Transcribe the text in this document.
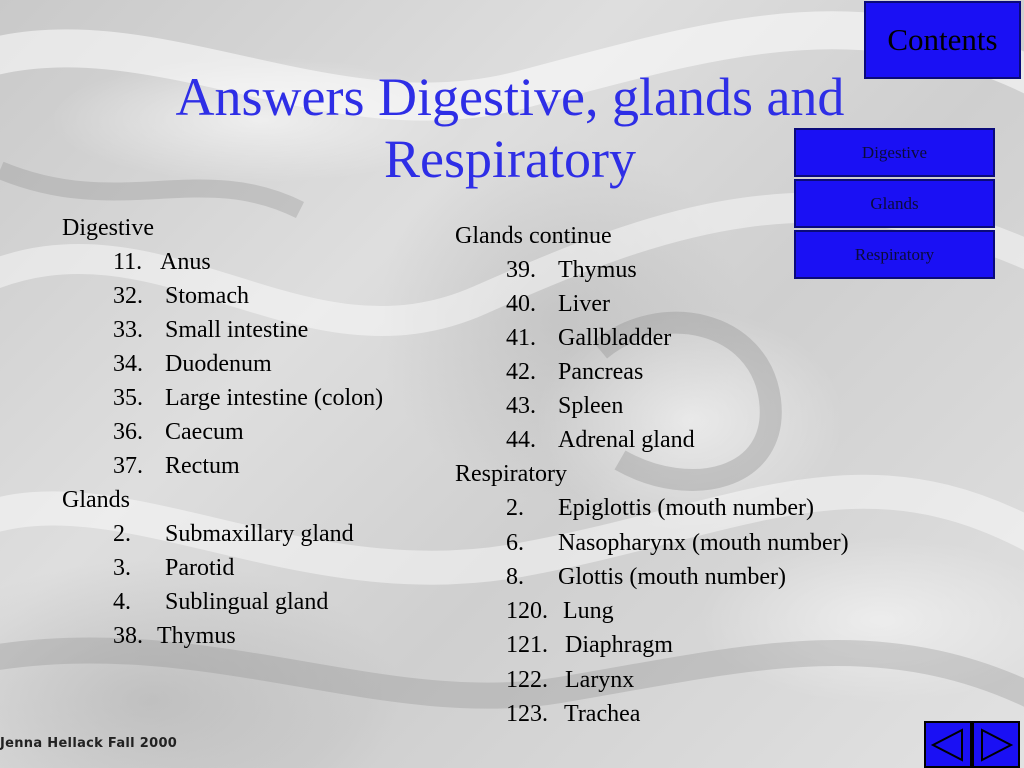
Answers Digestive, glands and
Respiratory
Contents
Digestive
Glands
Respiratory
Digestive
11. Anus
32. Stomach
33. Small intestine
34. Duodenum
35. Large intestine (colon)
36. Caecum
37. Rectum
Glands
2. Submaxillary gland
3. Parotid
4. Sublingual gland
38. Thymus
Glands continue
39. Thymus
40. Liver
41. Gallbladder
42. Pancreas
43. Spleen
44. Adrenal gland
Respiratory
2. Epiglottis (mouth number)
6. Nasopharynx (mouth number)
8. Glottis (mouth number)
120. Lung
121. Diaphragm
122. Larynx
123. Trachea
Jenna Hellack Fall 2000
